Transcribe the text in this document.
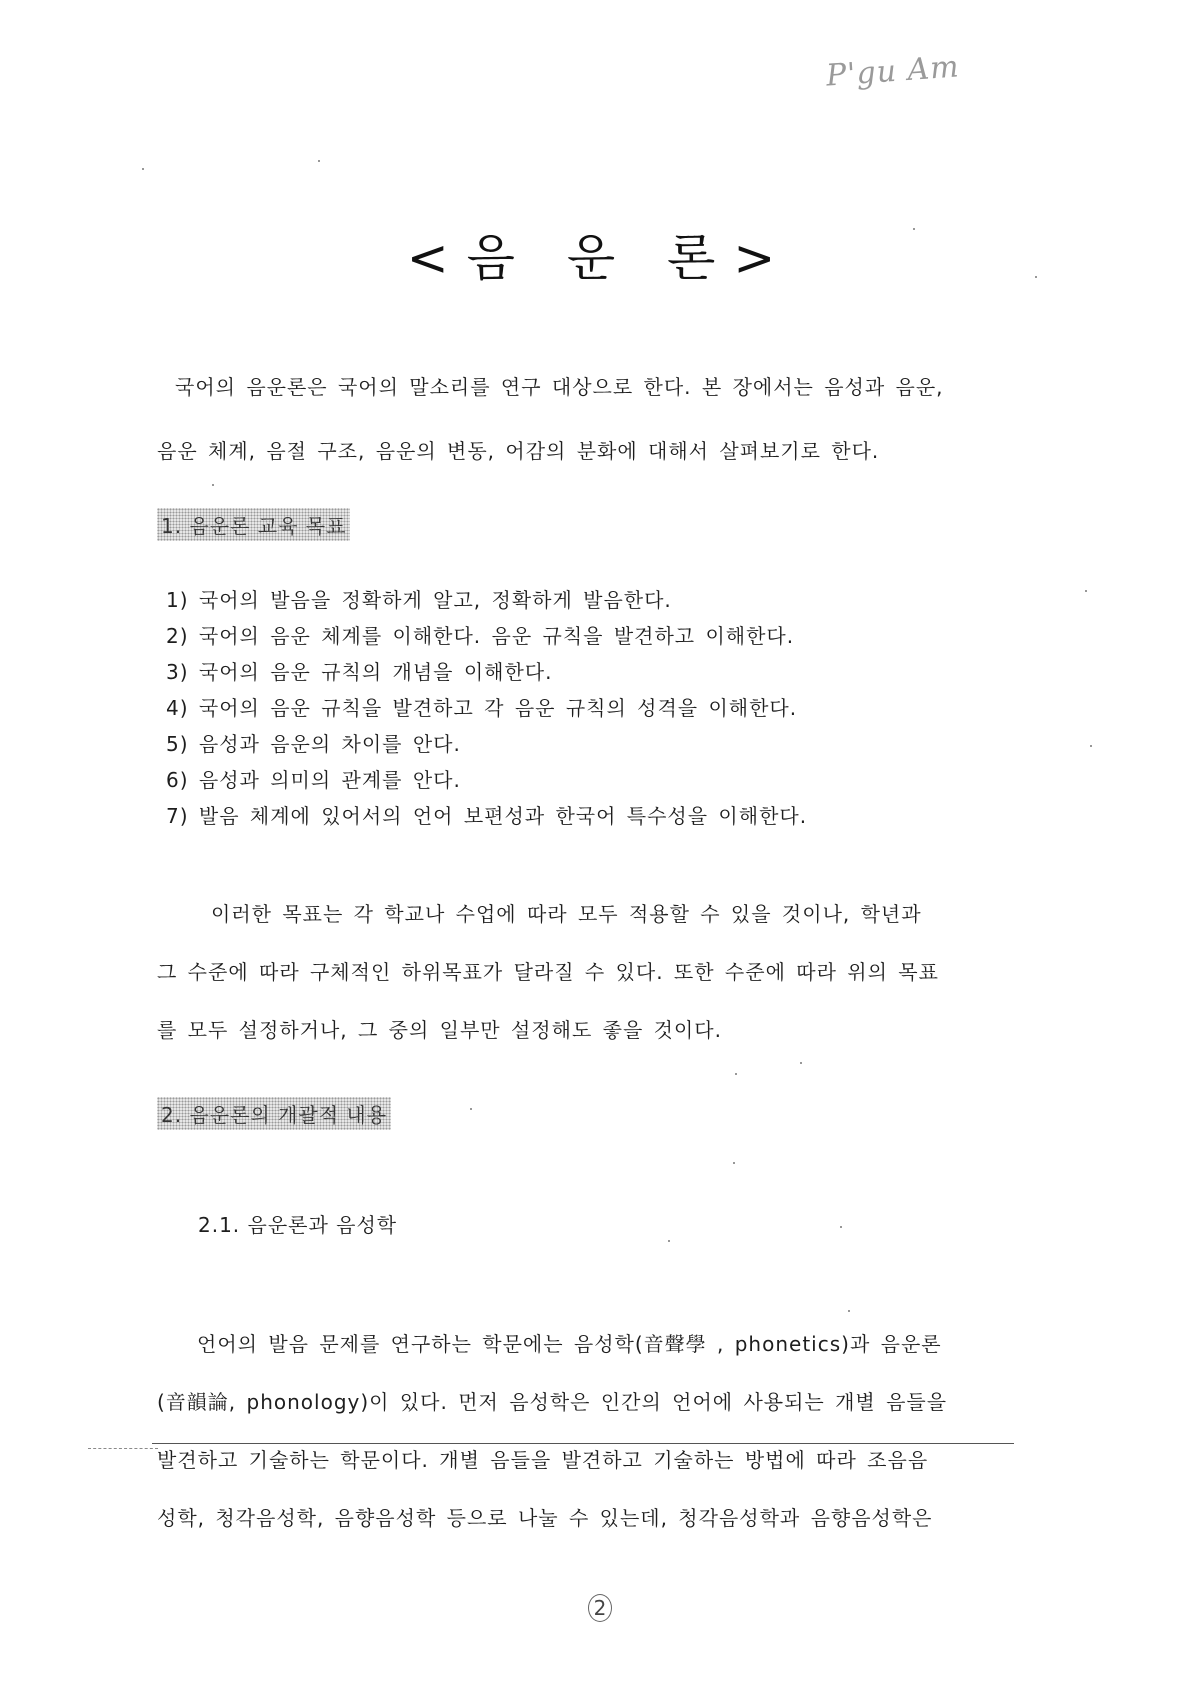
P'gu Am
<음 운 론>
국어의 음운론은 국어의 말소리를 연구 대상으로 한다. 본 장에서는 음성과 음운,
음운 체계, 음절 구조, 음운의 변동, 어감의 분화에 대해서 살펴보기로 한다.
1. 음운론 교육 목표
1) 국어의 발음을 정확하게 알고, 정확하게 발음한다.
2) 국어의 음운 체계를 이해한다. 음운 규칙을 발견하고 이해한다.
3) 국어의 음운 규칙의 개념을 이해한다.
4) 국어의 음운 규칙을 발견하고 각 음운 규칙의 성격을 이해한다.
5) 음성과 음운의 차이를 안다.
6) 음성과 의미의 관계를 안다.
7) 발음 체계에 있어서의 언어 보편성과 한국어 특수성을 이해한다.
이러한 목표는 각 학교나 수업에 따라 모두 적용할 수 있을 것이나, 학년과
그 수준에 따라 구체적인 하위목표가 달라질 수 있다. 또한 수준에 따라 위의 목표
를 모두 설정하거나, 그 중의 일부만 설정해도 좋을 것이다.
2. 음운론의 개괄적 내용
2.1. 음운론과 음성학
언어의 발음 문제를 연구하는 학문에는 음성학(音聲學 , phonetics)과 음운론
(音韻論, phonology)이 있다. 먼저 음성학은 인간의 언어에 사용되는 개별 음들을
발견하고 기술하는 학문이다. 개별 음들을 발견하고 기술하는 방법에 따라 조음음
성학, 청각음성학, 음향음성학 등으로 나눌 수 있는데, 청각음성학과 음향음성학은
2
